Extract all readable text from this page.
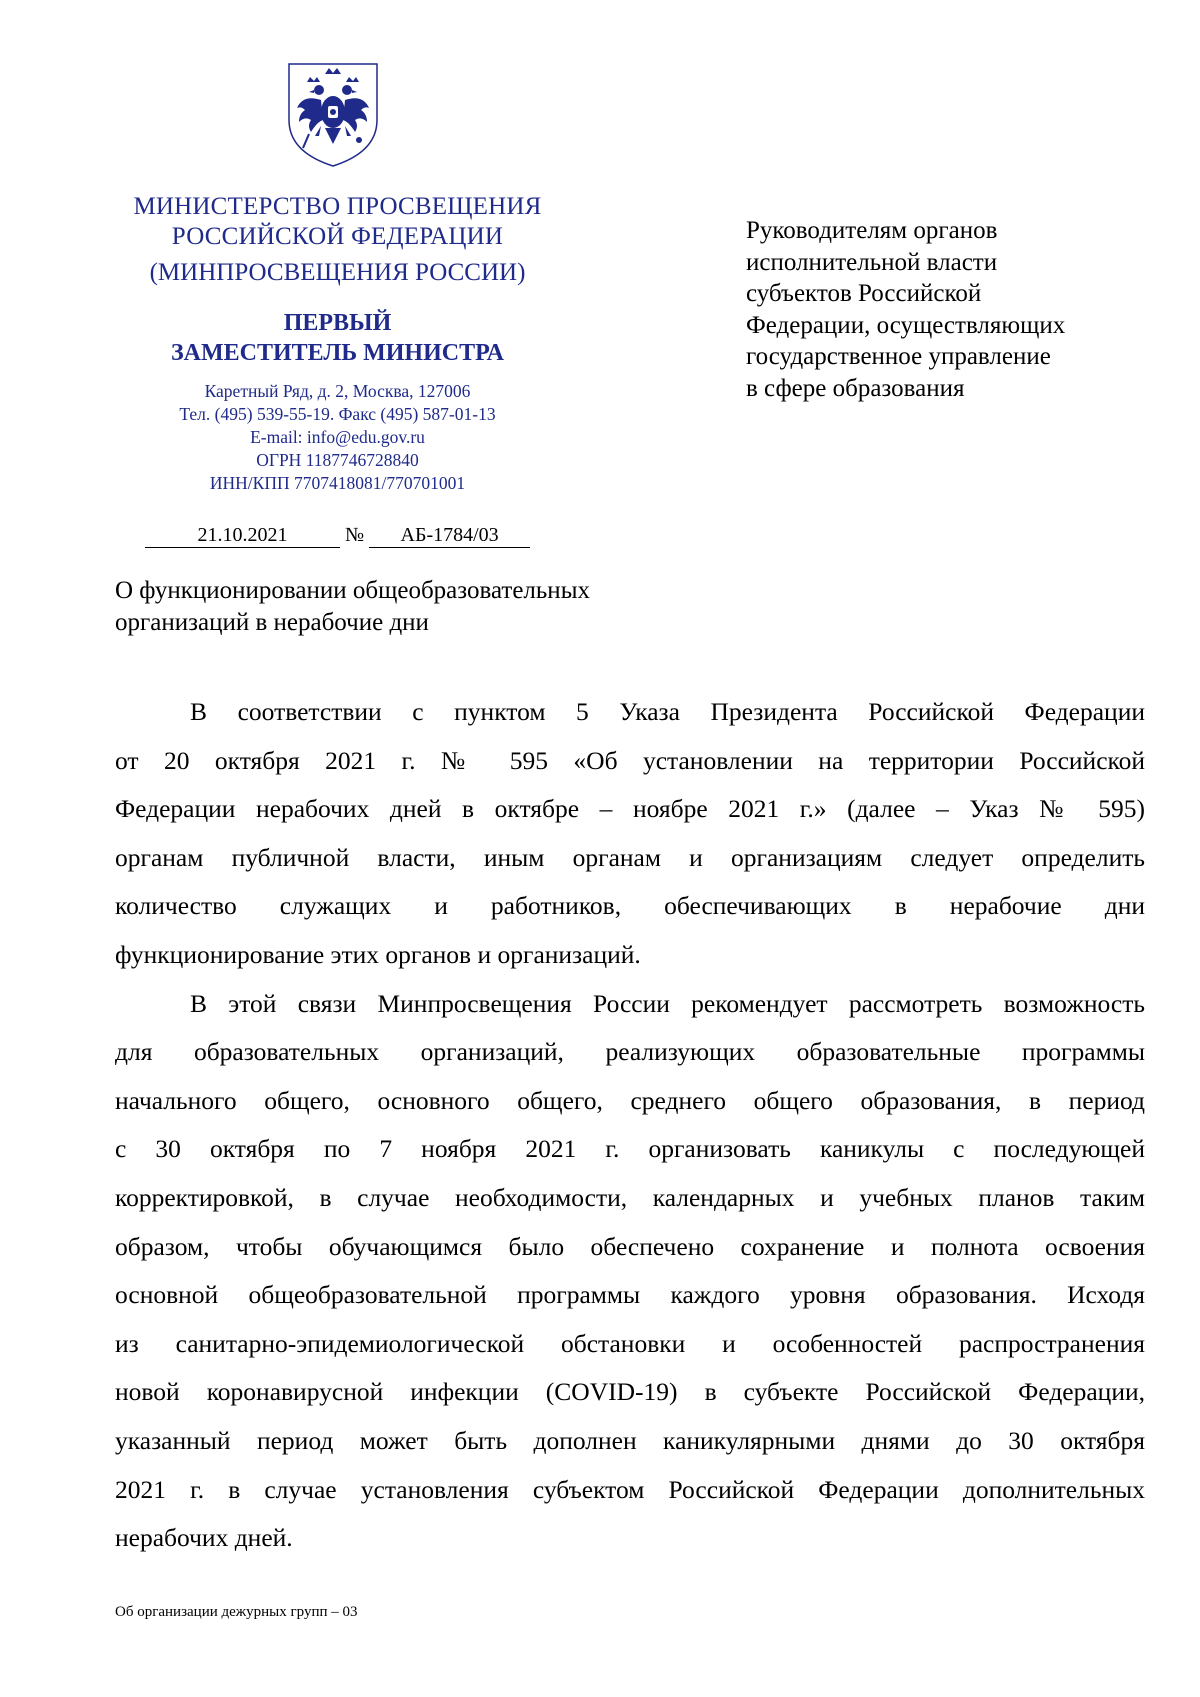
МИНИСТЕРСТВО ПРОСВЕЩЕНИЯ
РОССИЙСКОЙ ФЕДЕРАЦИИ
(МИНПРОСВЕЩЕНИЯ РОССИИ)
ПЕРВЫЙ
ЗАМЕСТИТЕЛЬ МИНИСТРА
Каретный Ряд, д. 2, Москва, 127006
Тел. (495) 539-55-19. Факс (495) 587-01-13
E-mail: info@edu.gov.ru
ОГРН 1187746728840
ИНН/КПП 7707418081/770701001
21.10.2021	№ АБ-1784/03
Руководителям органов
исполнительной власти
субъектов Российской
Федерации, осуществляющих
государственное управление
в сфере образования
О функционировании общеобразовательных
организаций в нерабочие дни
В соответствии с пунктом 5 Указа Президента Российской Федерации
от 20 октября 2021 г. № 595 «Об установлении на территории Российской
Федерации нерабочих дней в октябре – ноябре 2021 г.» (далее – Указ № 595)
органам публичной власти, иным органам и организациям следует определить
количество служащих и работников, обеспечивающих в нерабочие дни
функционирование этих органов и организаций.
В этой связи Минпросвещения России рекомендует рассмотреть возможность
для образовательных организаций, реализующих образовательные программы
начального общего, основного общего, среднего общего образования, в период
с 30 октября по 7 ноября 2021 г. организовать каникулы с последующей
корректировкой, в случае необходимости, календарных и учебных планов таким
образом, чтобы обучающимся было обеспечено сохранение и полнота освоения
основной общеобразовательной программы каждого уровня образования. Исходя
из санитарно-эпидемиологической обстановки и особенностей распространения
новой коронавирусной инфекции (COVID-19) в субъекте Российской Федерации,
указанный период может быть дополнен каникулярными днями до 30 октября
2021 г. в случае установления субъектом Российской Федерации дополнительных
нерабочих дней.
Об организации дежурных групп – 03
